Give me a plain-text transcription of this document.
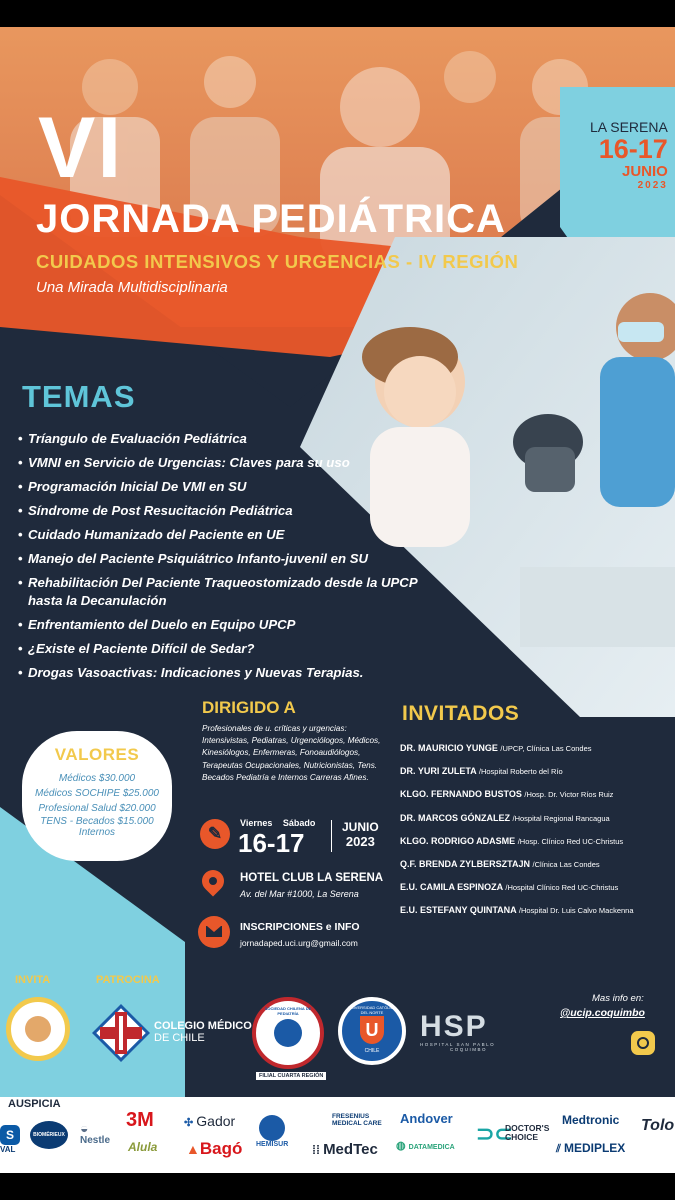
VI
JORNADA PEDIÁTRICA
CUIDADOS INTENSIVOS Y URGENCIAS - IV REGIÓN
Una Mirada Multidisciplinaria
LA SERENA
16-17
JUNIO
2023
TEMAS
• Tríangulo de Evaluación Pediátrica
• VMNI en Servicio de Urgencias: Claves para su uso
• Programación Inicial De VMI en SU
• Síndrome de Post Resucitación Pediátrica
• Cuidado Humanizado del Paciente en UE
• Manejo del Paciente Psiquiátrico Infanto-juvenil en SU
• Rehabilitación Del Paciente Traqueostomizado desde la UPCP hasta la Decanulación
• Enfrentamiento del Duelo en Equipo UPCP
• ¿Existe el Paciente Difícil de Sedar?
• Drogas Vasoactivas: Indicaciones y Nuevas Terapias.
VALORES
Médicos $30.000
Médicos SOCHIPE $25.000
Profesional Salud $20.000
TENS - Becados $15.000 Internos
DIRIGIDO A
Profesionales de u. críticas y urgencias: Intensivistas, Pediatras, Urgenciólogos, Médicos, Kinesiólogos, Enfermeras, Fonoaudiólogos, Terapeutas Ocupacionales, Nutricionistas, Tens. Becados Pediatría e Internos Carreras Afines.
✎
Viernes Sábado
16-17
JUNIO
2023
HOTEL CLUB LA SERENA
Av. del Mar #1000, La Serena
INSCRIPCIONES e INFO
jornadaped.uci.urg@gmail.com
INVITADOS
DR. MAURICIO YUNGE /UPCP, Clínica Las Condes
DR. YURI ZULETA /Hospital Roberto del Río
KLGO. FERNANDO BUSTOS /Hosp. Dr. Victor Ríos Ruiz
DR. MARCOS GÓNZALEZ /Hospital Regional Rancagua
KLGO. RODRIGO ADASME /Hosp. Clínico Red UC-Christus
Q.F. BRENDA ZYLBERSZTAJN /Clínica Las Condes
E.U. CAMILA ESPINOZA /Hospital Clínico Red UC-Christus
E.U. ESTEFANY QUINTANA /Hospital Dr. Luis Calvo Mackenna
INVITA	PATROCINA
COLEGIO MÉDICO
DE CHILE
SOCIEDAD CHILENA DE PEDIATRÍA
FILIAL CUARTA REGIÓN
UNIVERSIDAD CATÓLICA DEL NORTE
U
CHILE
HSP
HOSPITAL SAN PABLO
COQUIMBO
Mas info en:
@ucip.coquimbo
AUSPICIA
S
VAL
BIOMÉRIEUX ◒
Nestle
3M
Alula
✣ Gador
▲Bagó HEMISUR
FRESENIUS MEDICAL CARE
⁞⁞ MedTec
Andover
◍ DATAMEDICA
⊃⊂
DOCTOR'S CHOICE
Medtronic
⫽ MEDIPLEX
Tolo
